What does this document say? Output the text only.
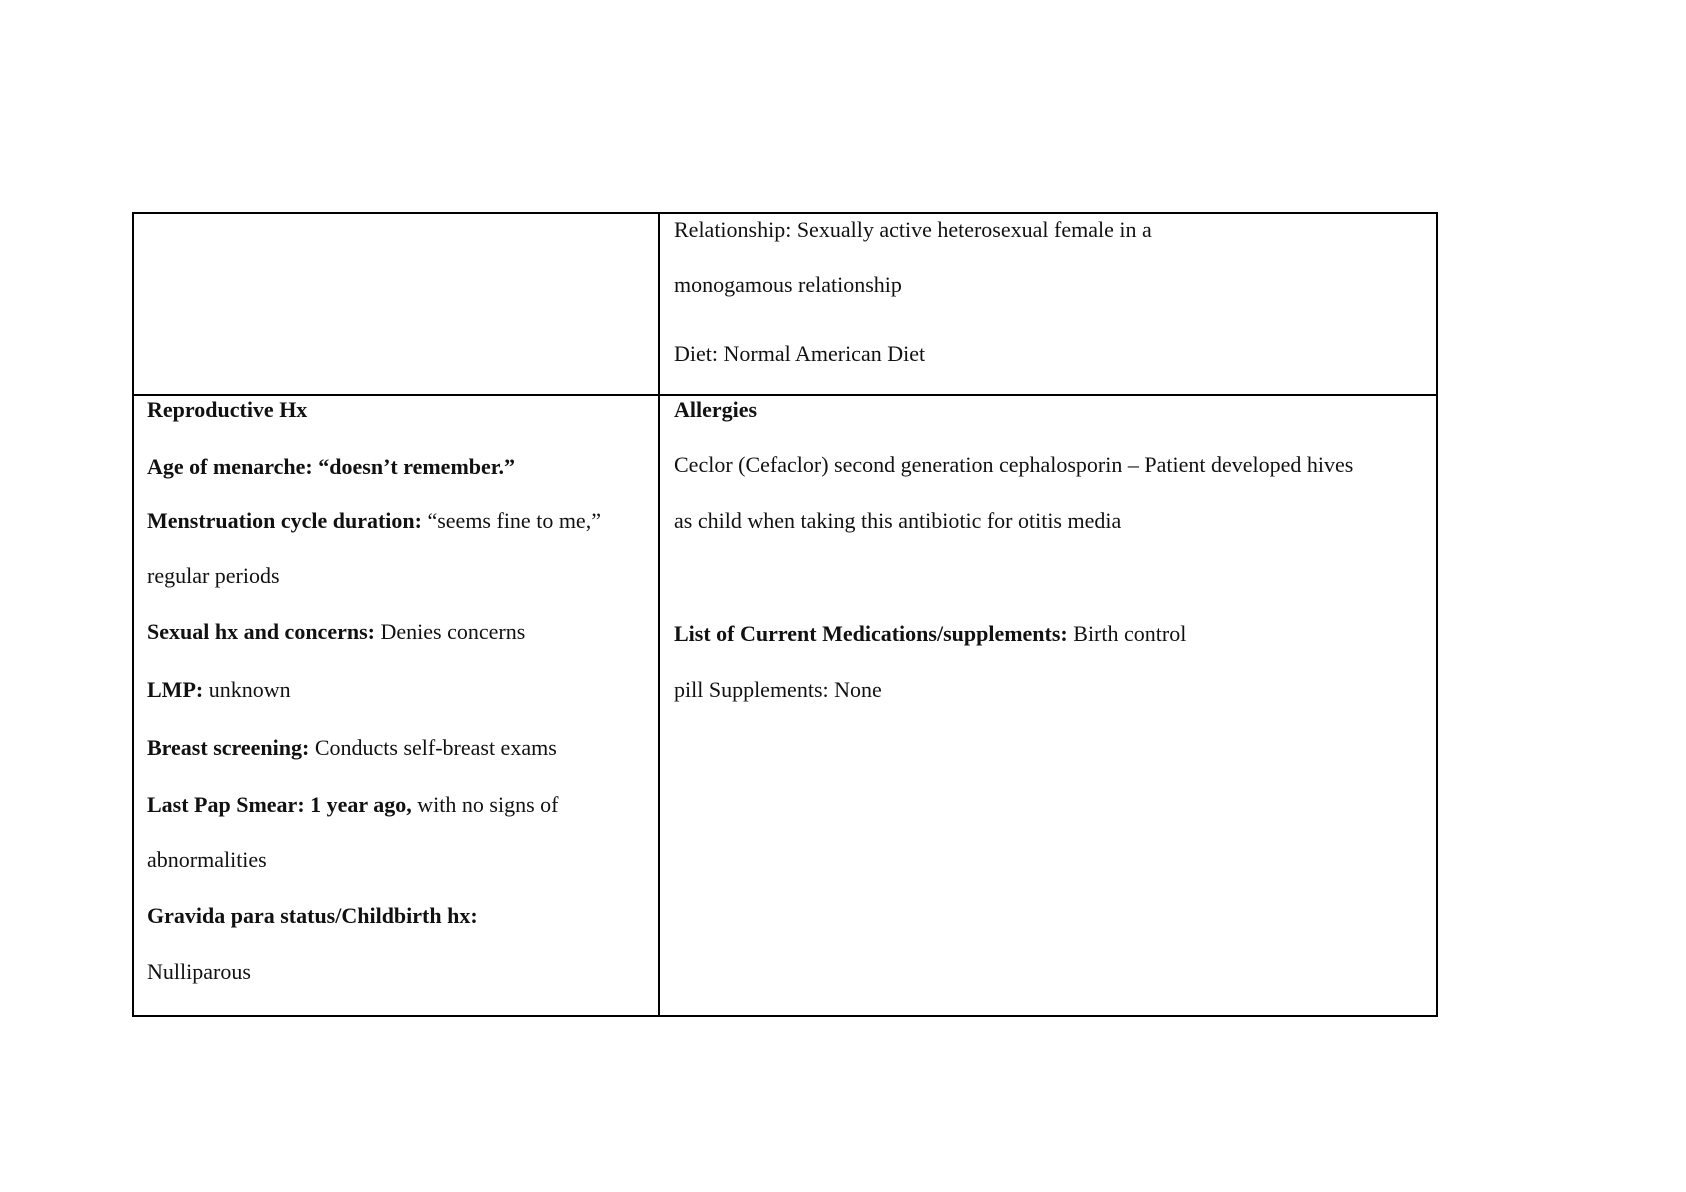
Relationship: Sexually active heterosexual female in a
monogamous relationship
Diet: Normal American Diet
Reproductive Hx
Age of menarche: “doesn’t remember.”
Menstruation cycle duration: “seems fine to me,”
regular periods
Sexual hx and concerns: Denies concerns
LMP: unknown
Breast screening: Conducts self-breast exams
Last Pap Smear: 1 year ago, with no signs of
abnormalities
Gravida para status/Childbirth hx:
Nulliparous
Allergies
Ceclor (Cefaclor) second generation cephalosporin – Patient developed hives
as child when taking this antibiotic for otitis media
List of Current Medications/supplements: Birth control
pill Supplements: None
